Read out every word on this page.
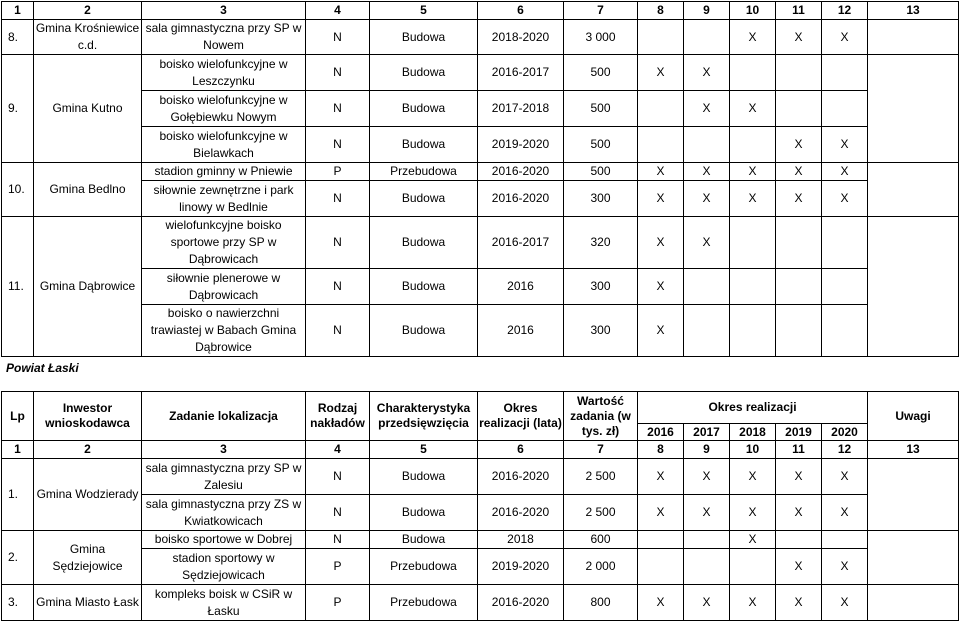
1	2	3	4	5	6	7	8	9	10	11	12	13
8.	Gmina Krośniewice c.d.	sala gimnastyczna przy SP w Nowem	N	Budowa	2018-2020	3 000			X	X	X	
9.	Gmina Kutno	boisko wielofunkcyjne w Leszczynku	N	Budowa	2016-2017	500	X	X				
		boisko wielofunkcyjne w Gołębiewku Nowym	N	Budowa	2017-2018	500		X	X			
		boisko wielofunkcyjne w Bielawkach	N	Budowa	2019-2020	500				X	X	
10.	Gmina Bedlno	stadion gminny w Pniewie	P	Przebudowa	2016-2020	500	X	X	X	X	X	
		siłownie zewnętrzne i park linowy w Bedlnie	N	Budowa	2016-2020	300	X	X	X	X	X	
11.	Gmina Dąbrowice	wielofunkcyjne boisko sportowe przy SP w Dąbrowicach	N	Budowa	2016-2017	320	X	X				
		siłownie plenerowe w Dąbrowicach	N	Budowa	2016	300	X					
		boisko o nawierzchni trawiastej w Babach Gmina Dąbrowice	N	Budowa	2016	300	X					
Powiat Łaski
Lp	Inwestor wnioskodawca	Zadanie lokalizacja	Rodzaj nakładów	Charakterystyka przedsięwzięcia	Okres realizacji (lata)	Wartość zadania (w tys. zł)	Okres realizacji					Uwagi
							2016	2017	2018	2019	2020	
1	2	3	4	5	6	7	8	9	10	11	12	13
1.	Gmina Wodzierady	sala gimnastyczna przy SP w Zalesiu	N	Budowa	2016-2020	2 500	X	X	X	X	X	
		sala gimnastyczna przy ZS w Kwiatkowicach	N	Budowa	2016-2020	2 500	X	X	X	X	X	
2.	Gmina Sędziejowice	boisko sportowe w Dobrej	N	Budowa	2018	600			X			
		stadion sportowy w Sędziejowicach	P	Przebudowa	2019-2020	2 000				X	X	
3.	Gmina Miasto Łask	kompleks boisk w CSiR w Łasku	P	Przebudowa	2016-2020	800	X	X	X	X	X	
